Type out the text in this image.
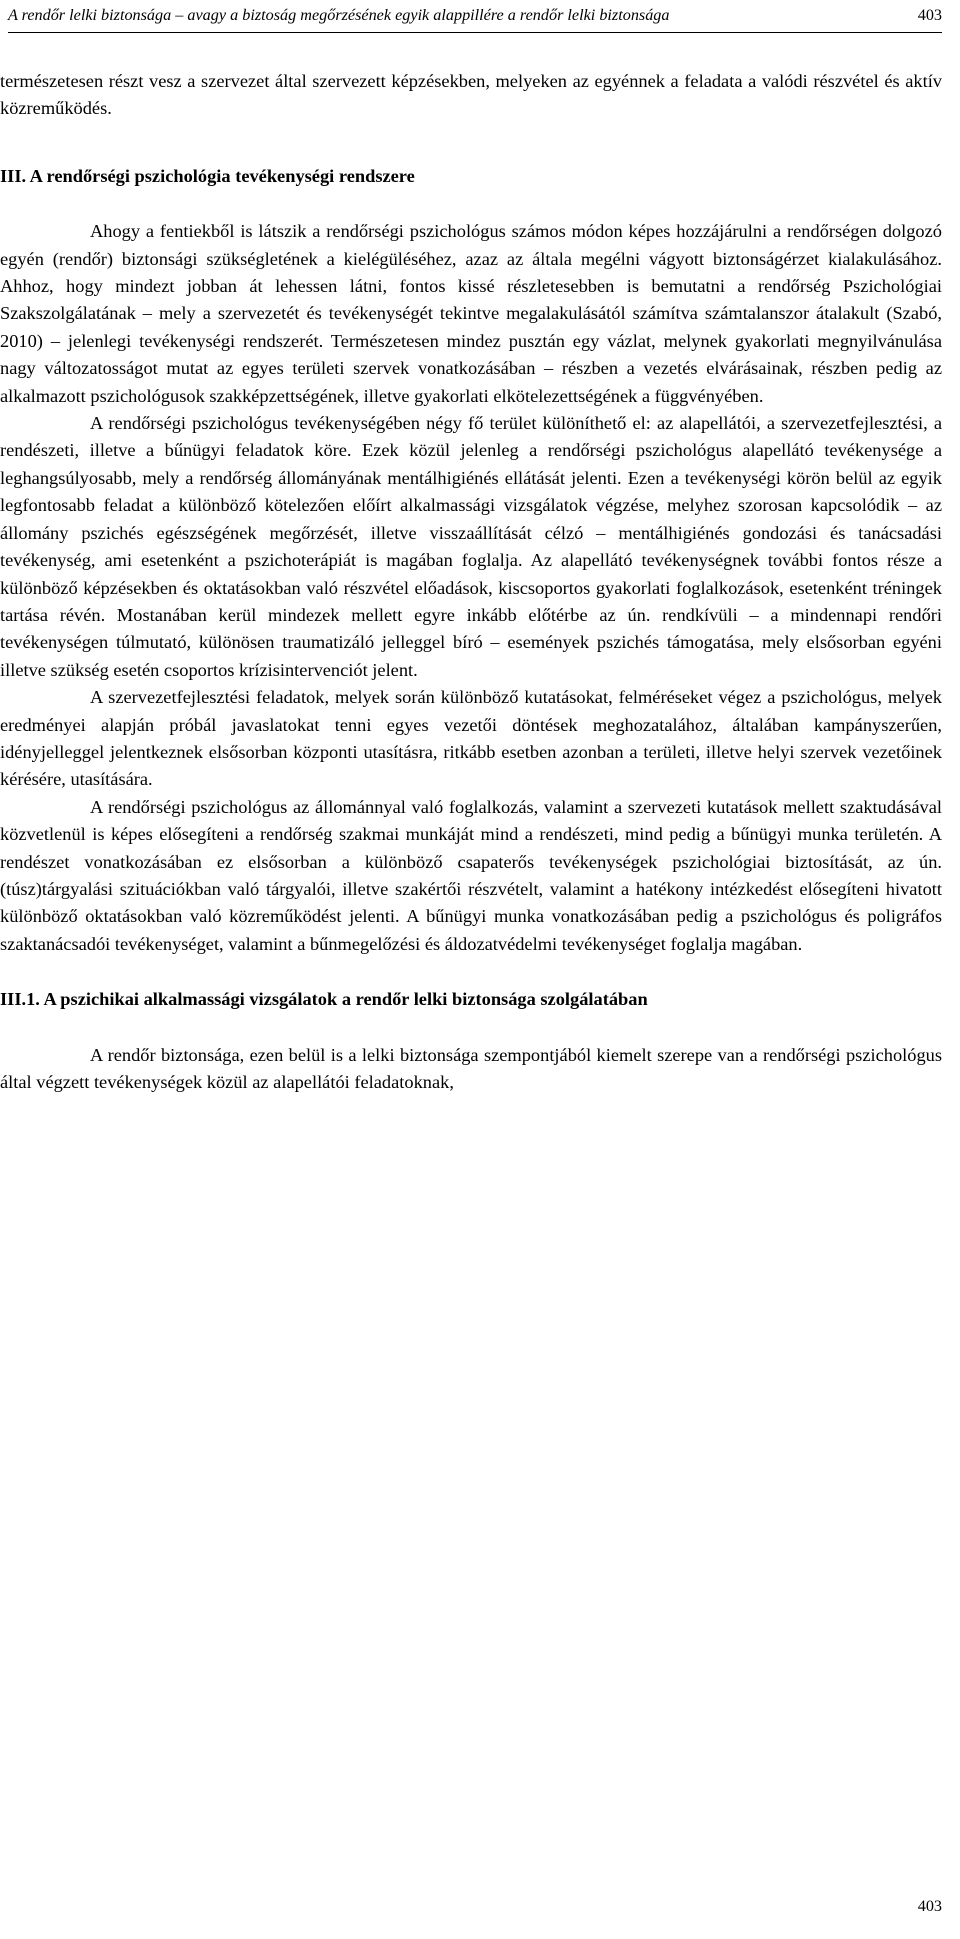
A rendőr lelki biztonsága – avagy a biztoság megőrzésének egyik alappillére a rendőr lelki biztonsága	403

természetesen részt vesz a szervezet által szervezett képzésekben, melyeken az egyénnek a feladata a valódi részvétel és aktív közreműködés.

III. A rendőrségi pszichológia tevékenységi rendszere

Ahogy a fentiekből is látszik a rendőrségi pszichológus számos módon képes hozzájárulni a rendőrségen dolgozó egyén (rendőr) biztonsági szükségletének a kielégüléséhez, azaz az általa megélni vágyott biztonságérzet kialakulásához. Ahhoz, hogy mindezt jobban át lehessen látni, fontos kissé részletesebben is bemutatni a rendőrség Pszichológiai Szakszolgálatának – mely a szervezetét és tevékenységét tekintve megalakulásától számítva számtalanszor átalakult (Szabó, 2010) – jelenlegi tevékenységi rendszerét. Természetesen mindez pusztán egy vázlat, melynek gyakorlati megnyilvánulása nagy változatosságot mutat az egyes területi szervek vonatkozásában – részben a vezetés elvárásainak, részben pedig az alkalmazott pszichológusok szakképzettségének, illetve gyakorlati elkötelezettségének a függvényében.

A rendőrségi pszichológus tevékenységében négy fő terület különíthető el: az alapellátói, a szervezetfejlesztési, a rendészeti, illetve a bűnügyi feladatok köre. Ezek közül jelenleg a rendőrségi pszichológus alapellátó tevékenysége a leghangsúlyosabb, mely a rendőrség állományának mentálhigiénés ellátását jelenti. Ezen a tevékenységi körön belül az egyik legfontosabb feladat a különböző kötelezően előírt alkalmassági vizsgálatok végzése, melyhez szorosan kapcsolódik – az állomány pszichés egészségének megőrzését, illetve visszaállítását célzó – mentálhigiénés gondozási és tanácsadási tevékenység, ami esetenként a pszichoterápiát is magában foglalja. Az alapellátó tevékenységnek további fontos része a különböző képzésekben és oktatásokban való részvétel előadások, kiscsoportos gyakorlati foglalkozások, esetenként tréningek tartása révén. Mostanában kerül mindezek mellett egyre inkább előtérbe az ún. rendkívüli – a mindennapi rendőri tevékenységen túlmutató, különösen traumatizáló jelleggel bíró – események pszichés támogatása, mely elsősorban egyéni illetve szükség esetén csoportos krízisintervenciót jelent.

A szervezetfejlesztési feladatok, melyek során különböző kutatásokat, felméréseket végez a pszichológus, melyek eredményei alapján próbál javaslatokat tenni egyes vezetői döntések meghozatalához, általában kampányszerűen, idényjelleggel jelentkeznek elsősorban központi utasításra, ritkább esetben azonban a területi, illetve helyi szervek vezetőinek kérésére, utasítására.

A rendőrségi pszichológus az állománnyal való foglalkozás, valamint a szervezeti kutatások mellett szaktudásával közvetlenül is képes elősegíteni a rendőrség szakmai munkáját mind a rendészeti, mind pedig a bűnügyi munka területén. A rendészet vonatkozásában ez elsősorban a különböző csapaterős tevékenységek pszichológiai biztosítását, az ún. (túsz)tárgyalási szituációkban való tárgyalói, illetve szakértői részvételt, valamint a hatékony intézkedést elősegíteni hivatott különböző oktatásokban való közreműködést jelenti. A bűnügyi munka vonatkozásában pedig a pszichológus és poligráfos szaktanácsadói tevékenységet, valamint a bűnmegelőzési és áldozatvédelmi tevékenységet foglalja magában.

III.1. A pszichikai alkalmassági vizsgálatok a rendőr lelki biztonsága szolgálatában

A rendőr biztonsága, ezen belül is a lelki biztonsága szempontjából kiemelt szerepe van a rendőrségi pszichológus által végzett tevékenységek közül az alapellátói feladatoknak,

403
